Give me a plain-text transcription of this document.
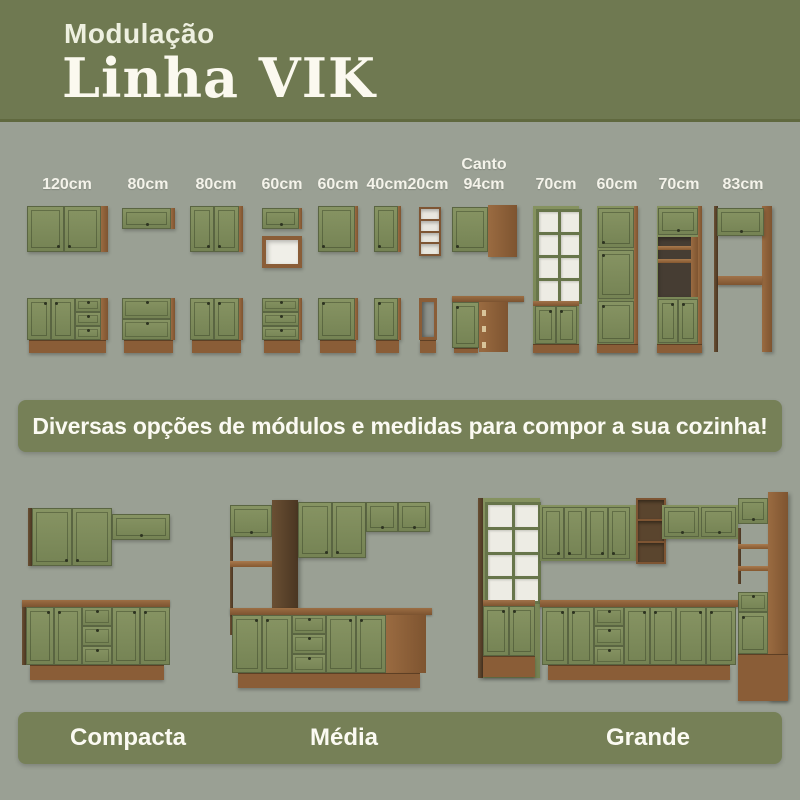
Modulação
Linha VIK
120cm	80cm	80cm	60cm 60cm 40cm 20cm
Canto
94cm	70cm	60cm	70cm	83cm
Diversas opções de módulos e medidas para compor a sua cozinha!
Compacta	Média	Grande
